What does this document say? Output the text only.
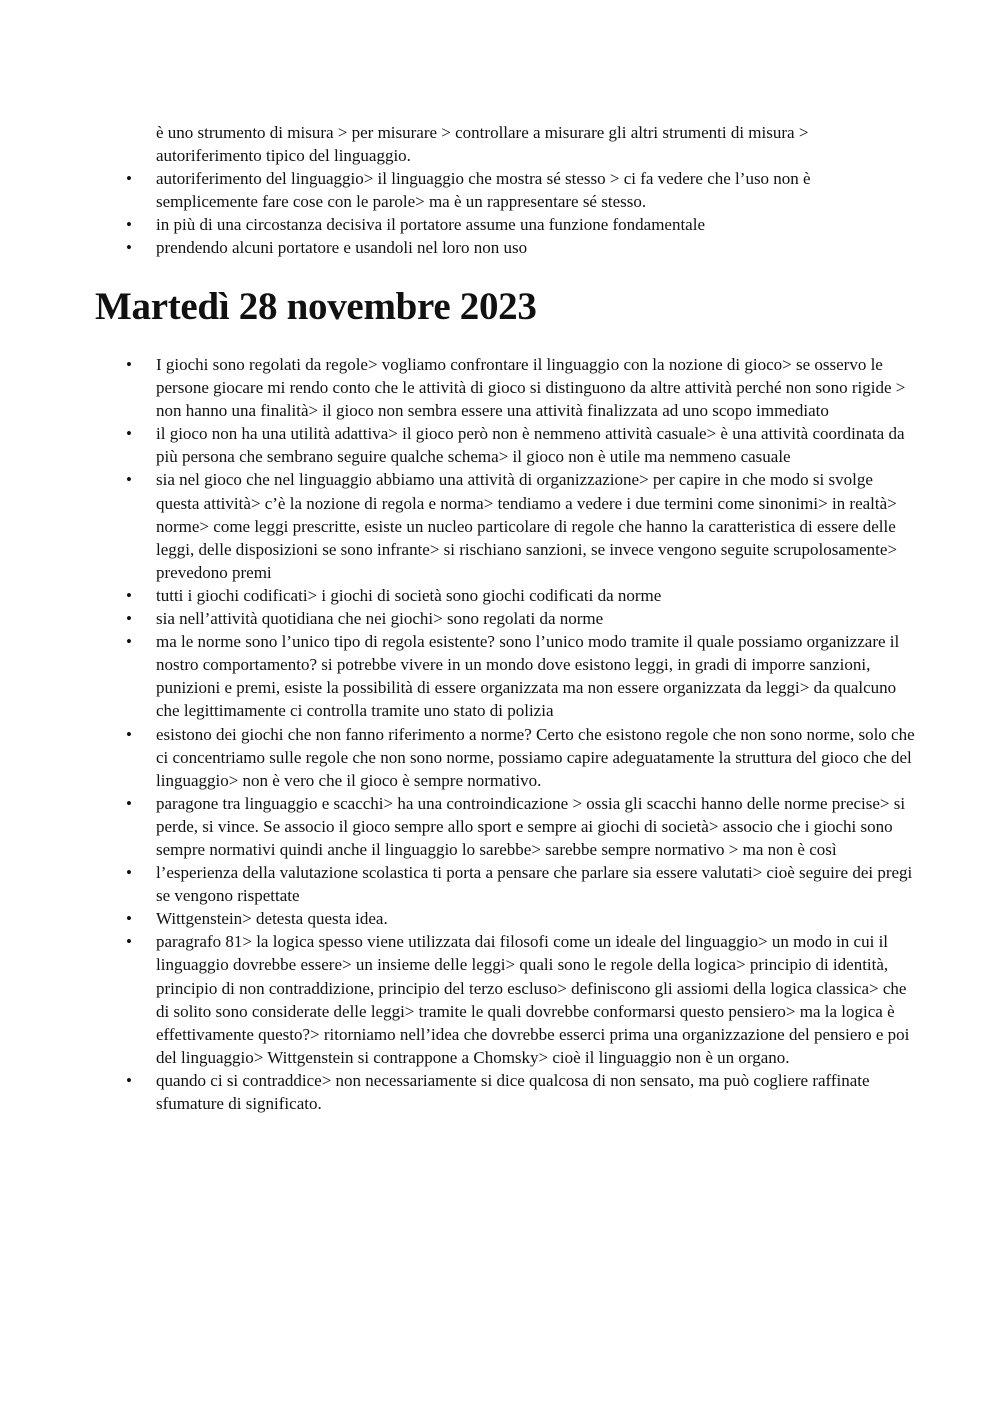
è uno strumento di misura > per misurare > controllare a misurare gli altri strumenti di misura > autoriferimento tipico del linguaggio.
• autoriferimento del linguaggio> il linguaggio che mostra sé stesso > ci fa vedere che l’uso non è semplicemente fare cose con le parole> ma è un rappresentare sé stesso.
• in più di una circostanza decisiva il portatore assume una funzione fondamentale
• prendendo alcuni portatore e usandoli nel loro non uso
Martedì 28 novembre 2023
• I giochi sono regolati da regole> vogliamo confrontare il linguaggio con la nozione di gioco> se osservo le persone giocare mi rendo conto che le attività di gioco si distinguono da altre attività perché non sono rigide > non hanno una finalità> il gioco non sembra essere una attività finalizzata ad uno scopo immediato
• il gioco non ha una utilità adattiva> il gioco però non è nemmeno attività casuale> è una attività coordinata da più persona che sembrano seguire qualche schema> il gioco non è utile ma nemmeno casuale
• sia nel gioco che nel linguaggio abbiamo una attività di organizzazione> per capire in che modo si svolge questa attività> c’è la nozione di regola e norma> tendiamo a vedere i due termini come sinonimi> in realtà> norme> come leggi prescritte, esiste un nucleo particolare di regole che hanno la caratteristica di essere delle leggi, delle disposizioni se sono infrante> si rischiano sanzioni, se invece vengono seguite scrupolosamente> prevedono premi
• tutti i giochi codificati> i giochi di società sono giochi codificati da norme
• sia nell’attività quotidiana che nei giochi> sono regolati da norme
• ma le norme sono l’unico tipo di regola esistente? sono l’unico modo tramite il quale possiamo organizzare il nostro comportamento? si potrebbe vivere in un mondo dove esistono leggi, in gradi di imporre sanzioni, punizioni e premi, esiste la possibilità di essere organizzata ma non essere organizzata da leggi> da qualcuno che legittimamente ci controlla tramite uno stato di polizia
• esistono dei giochi che non fanno riferimento a norme? Certo che esistono regole che non sono norme, solo che ci concentriamo sulle regole che non sono norme, possiamo capire adeguatamente la struttura del gioco che del linguaggio> non è vero che il gioco è sempre normativo.
• paragone tra linguaggio e scacchi> ha una controindicazione > ossia gli scacchi hanno delle norme precise> si perde, si vince. Se associo il gioco sempre allo sport e sempre ai giochi di società> associo che i giochi sono sempre normativi quindi anche il linguaggio lo sarebbe> sarebbe sempre normativo > ma non è così
• l’esperienza della valutazione scolastica ti porta a pensare che parlare sia essere valutati> cioè seguire dei pregi se vengono rispettate
• Wittgenstein> detesta questa idea.
• paragrafo 81> la logica spesso viene utilizzata dai filosofi come un ideale del linguaggio> un modo in cui il linguaggio dovrebbe essere> un insieme delle leggi> quali sono le regole della logica> principio di identità, principio di non contraddizione, principio del terzo escluso> definiscono gli assiomi della logica classica> che di solito sono considerate delle leggi> tramite le quali dovrebbe conformarsi questo pensiero> ma la logica è effettivamente questo?> ritorniamo nell’idea che dovrebbe esserci prima una organizzazione del pensiero e poi del linguaggio> Wittgenstein si contrappone a Chomsky> cioè il linguaggio non è un organo.
• quando ci si contraddice> non necessariamente si dice qualcosa di non sensato, ma può cogliere raffinate sfumature di significato.
